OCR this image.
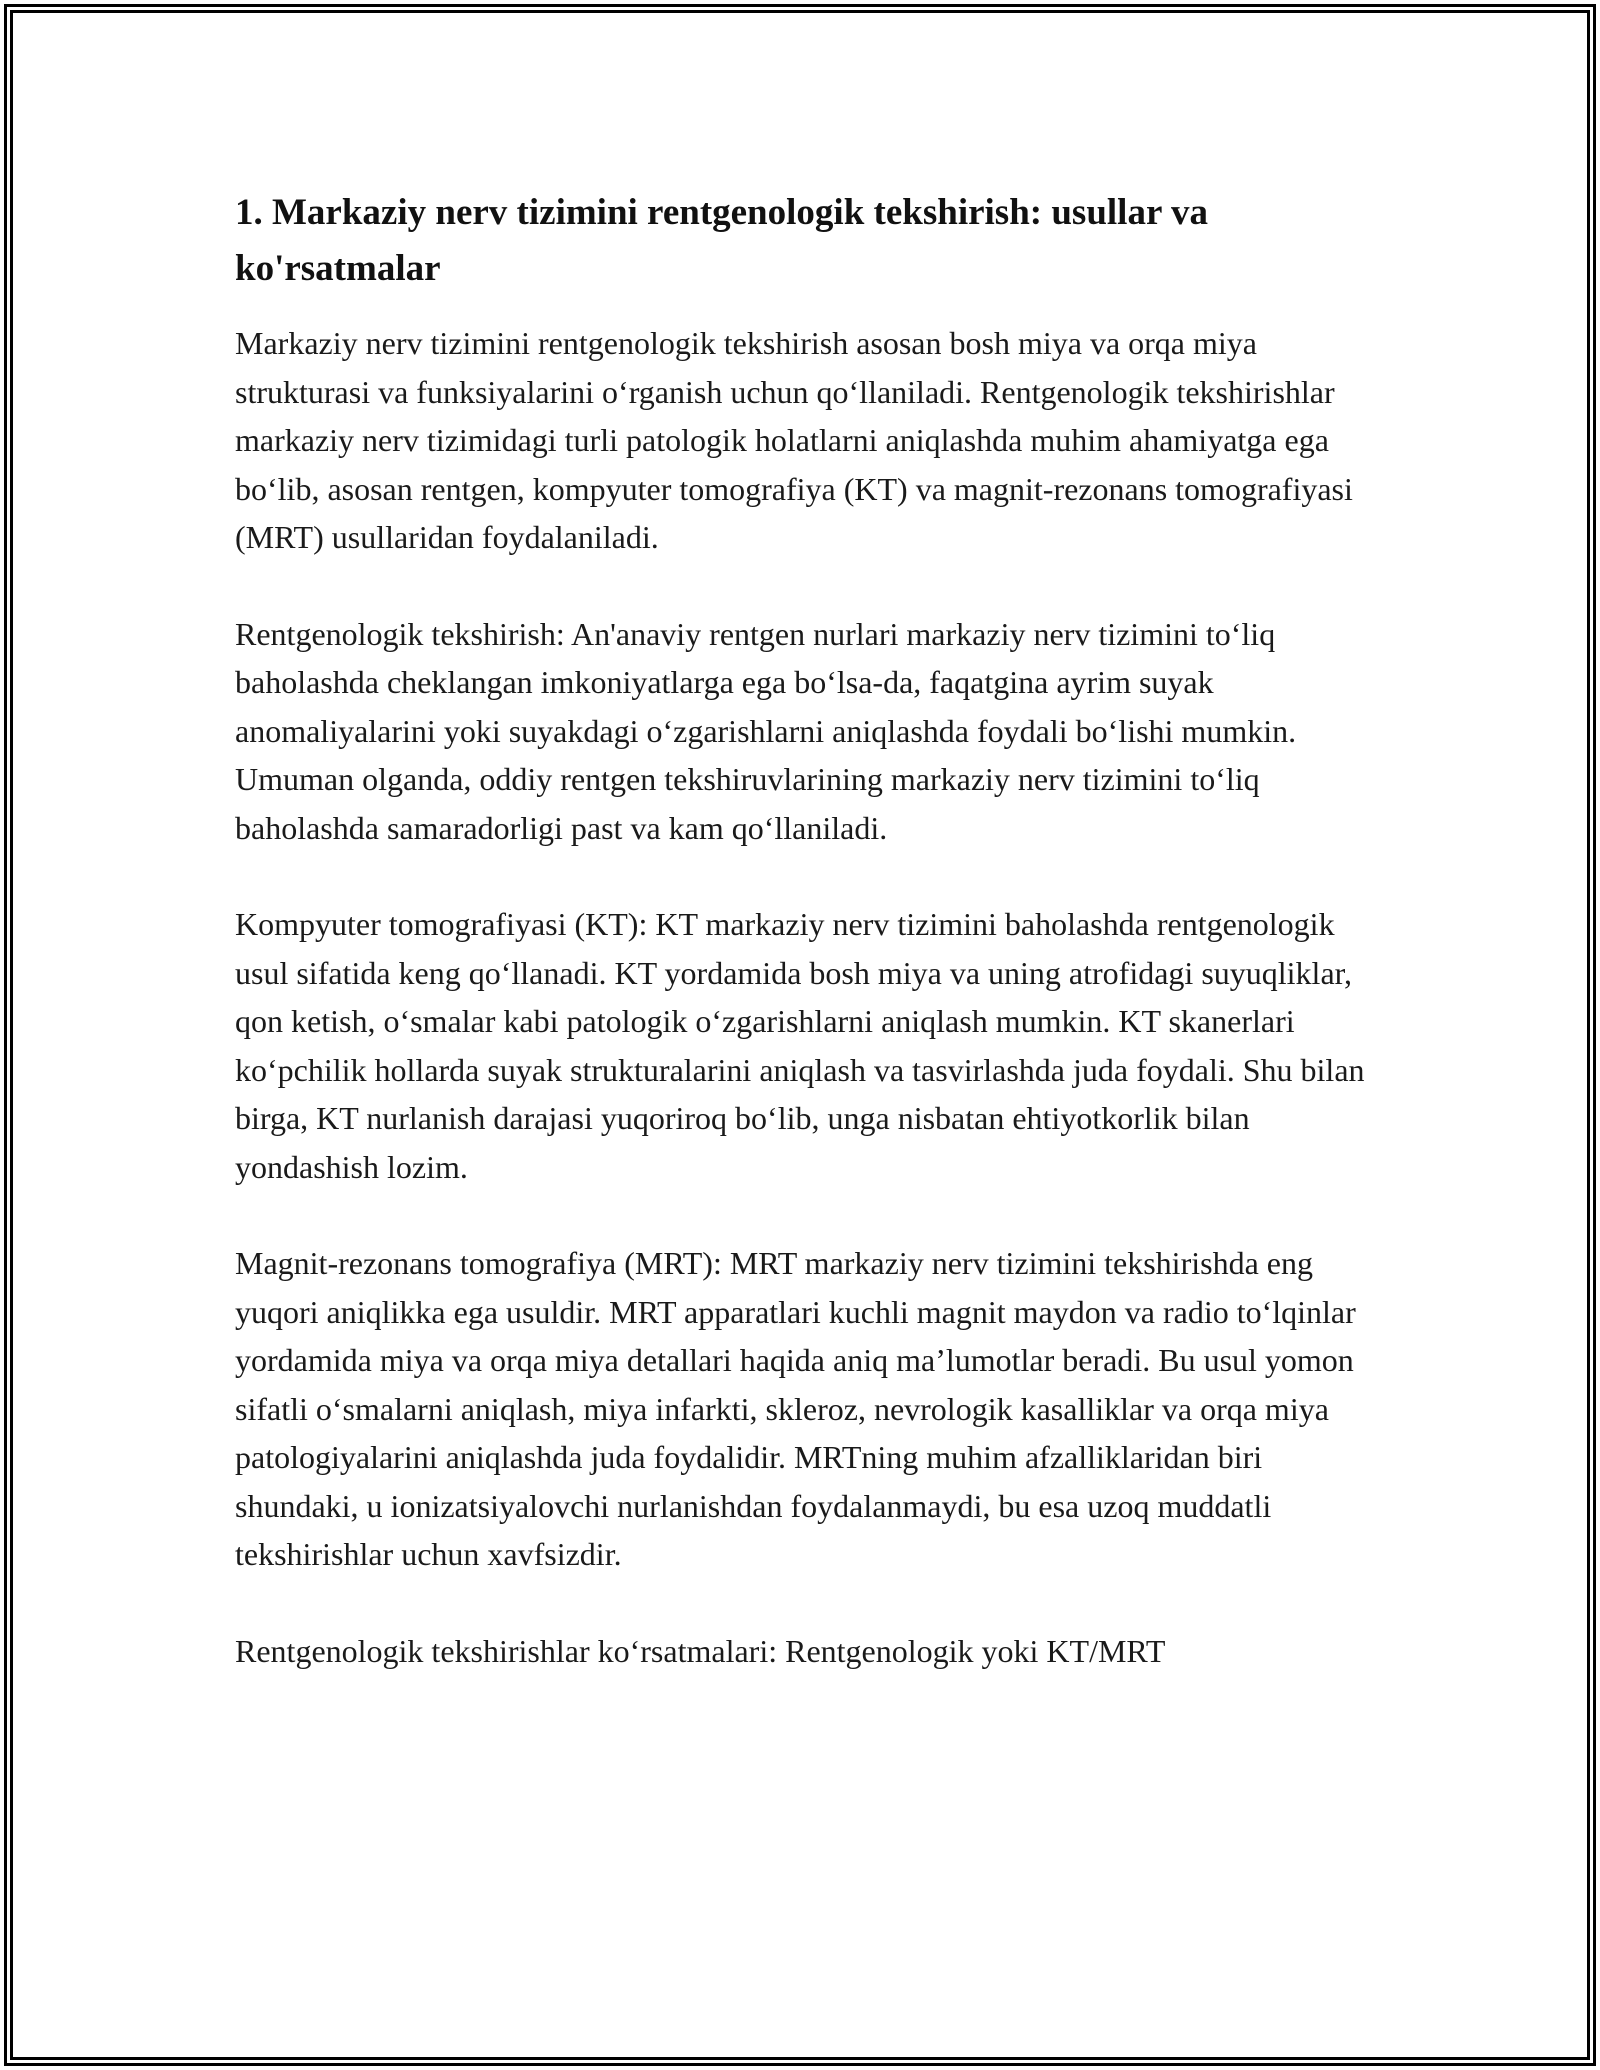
1. Markaziy nerv tizimini rentgenologik tekshirish: usullar va ko'rsatmalar

Markaziy nerv tizimini rentgenologik tekshirish asosan bosh miya va orqa miya strukturasi va funksiyalarini o‘rganish uchun qo‘llaniladi. Rentgenologik tekshirishlar markaziy nerv tizimidagi turli patologik holatlarni aniqlashda muhim ahamiyatga ega bo‘lib, asosan rentgen, kompyuter tomografiya (KT) va magnit-rezonans tomografiyasi (MRT) usullaridan foydalaniladi.

Rentgenologik tekshirish: An'anaviy rentgen nurlari markaziy nerv tizimini to‘liq baholashda cheklangan imkoniyatlarga ega bo‘lsa-da, faqatgina ayrim suyak anomaliyalarini yoki suyakdagi o‘zgarishlarni aniqlashda foydali bo‘lishi mumkin. Umuman olganda, oddiy rentgen tekshiruvlarining markaziy nerv tizimini to‘liq baholashda samaradorligi past va kam qo‘llaniladi.

Kompyuter tomografiyasi (KT): KT markaziy nerv tizimini baholashda rentgenologik usul sifatida keng qo‘llanadi. KT yordamida bosh miya va uning atrofidagi suyuqliklar, qon ketish, o‘smalar kabi patologik o‘zgarishlarni aniqlash mumkin. KT skanerlari ko‘pchilik hollarda suyak strukturalarini aniqlash va tasvirlashda juda foydali. Shu bilan birga, KT nurlanish darajasi yuqoriroq bo‘lib, unga nisbatan ehtiyotkorlik bilan yondashish lozim.

Magnit-rezonans tomografiya (MRT): MRT markaziy nerv tizimini tekshirishda eng yuqori aniqlikka ega usuldir. MRT apparatlari kuchli magnit maydon va radio to‘lqinlar yordamida miya va orqa miya detallari haqida aniq ma’lumotlar beradi. Bu usul yomon sifatli o‘smalarni aniqlash, miya infarkti, skleroz, nevrologik kasalliklar va orqa miya patologiyalarini aniqlashda juda foydalidir. MRTning muhim afzalliklaridan biri shundaki, u ionizatsiyalovchi nurlanishdan foydalanmaydi, bu esa uzoq muddatli tekshirishlar uchun xavfsizdir.

Rentgenologik tekshirishlar ko‘rsatmalari: Rentgenologik yoki KT/MRT
